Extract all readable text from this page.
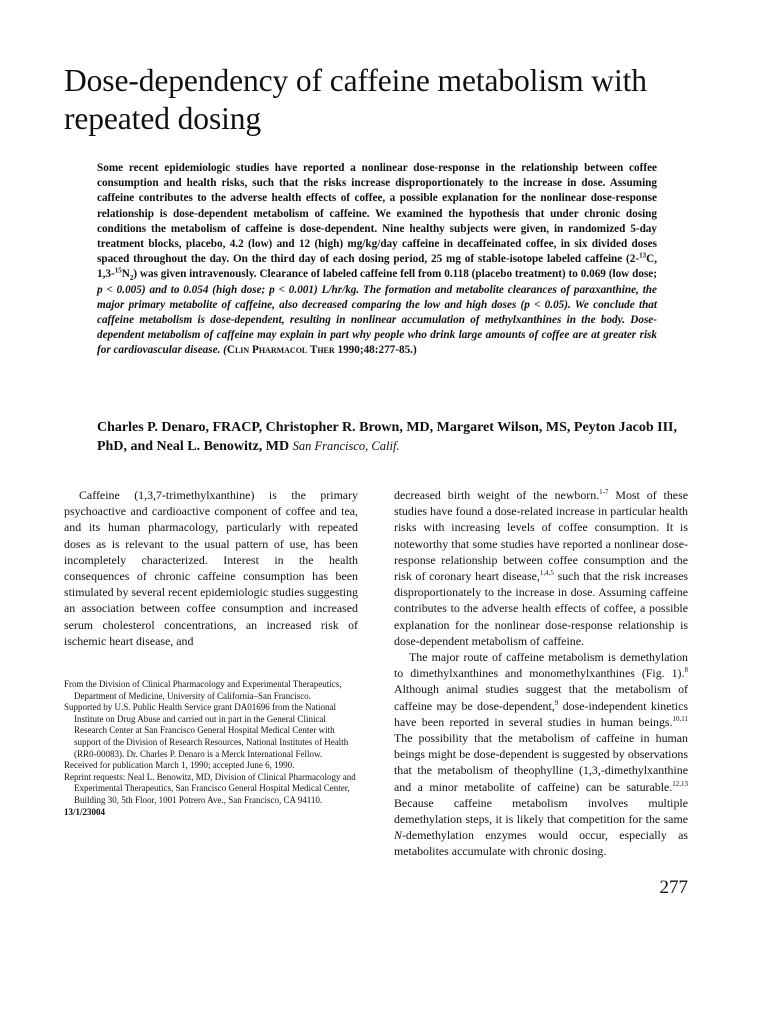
Dose-dependency of caffeine metabolism with repeated dosing

Some recent epidemiologic studies have reported a nonlinear dose-response in the relationship between coffee consumption and health risks, such that the risks increase disproportionately to the increase in dose. Assuming caffeine contributes to the adverse health effects of coffee, a possible explanation for the nonlinear dose-response relationship is dose-dependent metabolism of caffeine. We examined the hypothesis that under chronic dosing conditions the metabolism of caffeine is dose-dependent. Nine healthy subjects were given, in randomized 5-day treatment blocks, placebo, 4.2 (low) and 12 (high) mg/kg/day caffeine in decaffeinated coffee, in six divided doses spaced throughout the day. On the third day of each dosing period, 25 mg of stable-isotope labeled caffeine (2-$^{13}$C, $1,3-^{15}N_2$) was given intravenously. Clearance of labeled caffeine fell from 0.118 (placebo treatment) to 0.069 (low dose; p < 0.005) and to 0.054 (high dose; p < 0.001) L/hr/kg. The formation and metabolite clearances of paraxanthine, the major primary metabolite of caffeine, also decreased comparing the low and high doses (p < 0.05). We conclude that caffeine metabolism is dose-dependent, resulting in nonlinear accumulation of methylxanthines in the body. Dose-dependent metabolism of caffeine may explain in part why people who drink large amounts of coffee are at greater risk for cardiovascular disease. (Clin Pharmacol Ther 1990;48:277-85.)

Charles P. Denaro, FRACP, Christopher R. Brown, MD, Margaret Wilson, MS, Peyton Jacob III, PhD, and Neal L. Benowitz, MD San Francisco, Calif.

Caffeine (1,3,7-trimethylxanthine) is the primary psychoactive and cardioactive component of coffee and tea, and its human pharmacology, particularly with repeated doses as is relevant to the usual pattern of use, has been incompletely characterized. Interest in the health consequences of chronic caffeine consumption has been stimulated by several recent epidemiologic studies suggesting an association between coffee consumption and increased serum cholesterol concentrations, an increased risk of ischemic heart disease, and

From the Division of Clinical Pharmacology and Experimental Therapeutics, Department of Medicine, University of California–San Francisco.

Supported by U.S. Public Health Service grant DA01696 from the National Institute on Drug Abuse and carried out in part in the General Clinical Research Center at San Francisco General Hospital Medical Center with support of the Division of Research Resources, National Institutes of Health (RR0-00083). Dr. Charles P. Denaro is a Merck International Fellow.

Received for publication March 1, 1990; accepted June 6, 1990.

Reprint requests: Neal L. Benowitz, MD, Division of Clinical Pharmacology and Experimental Therapeutics, San Francisco General Hospital Medical Center, Building 30, 5th Floor, 1001 Potrero Ave., San Francisco, CA 94110.

13/1/23004

decreased birth weight of the newborn.$^{1-7}$ Most of these studies have found a dose-related increase in particular health risks with increasing levels of coffee consumption. It is noteworthy that some studies have reported a nonlinear dose-response relationship between coffee consumption and the risk of coronary heart disease,$^{1,4,5}$ such that the risk increases disproportionately to the increase in dose. Assuming caffeine contributes to the adverse health effects of coffee, a possible explanation for the nonlinear dose-response relationship is dose-dependent metabolism of caffeine.

The major route of caffeine metabolism is demethylation to dimethylxanthines and monomethylxanthines (Fig. 1).$^8$ Although animal studies suggest that the metabolism of caffeine may be dose-dependent,$^9$ dose-independent kinetics have been reported in several studies in human beings.$^{10,11}$ The possibility that the metabolism of caffeine in human beings might be dose-dependent is suggested by observations that the metabolism of theophylline (1,3,-dimethylxanthine and a minor metabolite of caffeine) can be saturable.$^{12,13}$ Because caffeine metabolism involves multiple demethylation steps, it is likely that competition for the same N-demethylation enzymes would occur, especially as metabolites accumulate with chronic dosing.

277
